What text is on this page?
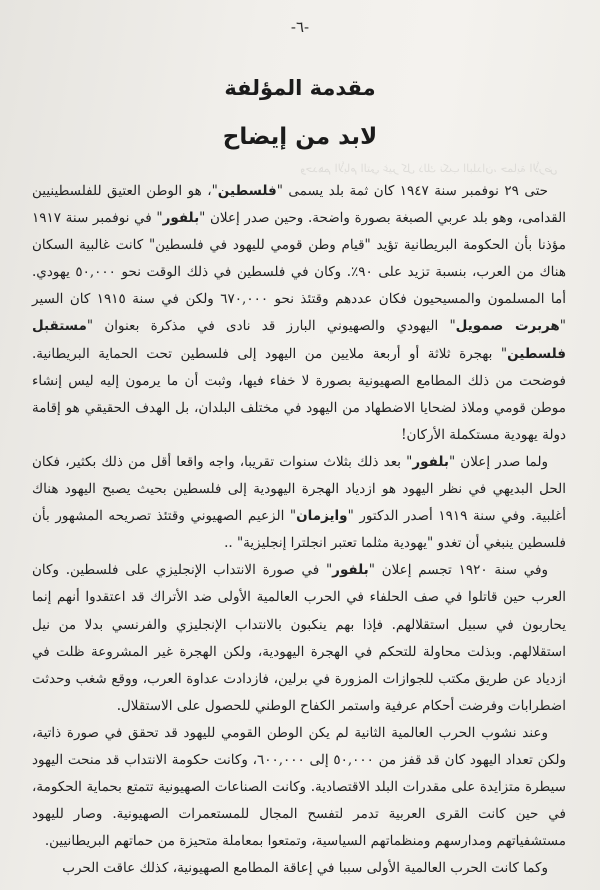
وحدهم الأيام التي غير كل ذلك نكب البلدان، حماية الأرض
-٦-
مقدمة المؤلفة
لابد من إيضاح

حتى ٢٩ نوفمبر سنة ١٩٤٧ كان ثمة بلد يسمى "فلسطين"، هو الوطن العتيق للفلسطينيين القدامى، وهو بلد عربي الصبغة بصورة واضحة. وحين صدر إعلان "بلفور" في نوفمبر سنة ١٩١٧ مؤذنا بأن الحكومة البريطانية تؤيد "قيام وطن قومي لليهود في فلسطين" كانت غالبية السكان هناك من العرب، بنسبة تزيد على ٩٠٪. وكان في فلسطين في ذلك الوقت نحو ٥٠,٠٠٠ يهودي. أما المسلمون والمسيحيون فكان عددهم وقتئذ نحو ٦٧٠,٠٠٠ ولكن في سنة ١٩١٥ كان السير "هربرت صمويل" اليهودي والصهيوني البارز قد نادى في مذكرة بعنوان "مستقبل فلسطين" بهجرة ثلاثة أو أربعة ملايين من اليهود إلى فلسطين تحت الحماية البريطانية. فوضحت من ذلك المطامع الصهيونية بصورة لا خفاء فيها، وثبت أن ما يرمون إليه ليس إنشاء موطن قومي وملاذ لضحايا الاضطهاد من اليهود في مختلف البلدان، بل الهدف الحقيقي هو إقامة دولة يهودية مستكملة الأركان!

ولما صدر إعلان "بلفور" بعد ذلك بثلاث سنوات تقريبا، واجه واقعا أقل من ذلك بكثير، فكان الحل البديهي في نظر اليهود هو ازدياد الهجرة اليهودية إلى فلسطين بحيث يصبح اليهود هناك أغلبية. وفي سنة ١٩١٩ أصدر الدكتور "وايزمان" الزعيم الصهيوني وقتئذ تصريحه المشهور بأن فلسطين ينبغي أن تغدو "يهودية مثلما تعتبر انجلترا إنجليزية" ..

وفي سنة ١٩٢٠ تجسم إعلان "بلفور" في صورة الانتداب الإنجليزي على فلسطين. وكان العرب حين قاتلوا في صف الحلفاء في الحرب العالمية الأولى ضد الأتراك قد اعتقدوا أنهم إنما يحاربون في سبيل استقلالهم. فإذا بهم ينكبون بالانتداب الإنجليزي والفرنسي بدلا من نيل استقلالهم. وبذلت محاولة للتحكم في الهجرة اليهودية، ولكن الهجرة غير المشروعة ظلت في ازدياد عن طريق مكتب للجوازات المزورة في برلين، فازدادت عداوة العرب، ووقع شغب وحدثت اضطرابات وفرضت أحكام عرفية واستمر الكفاح الوطني للحصول على الاستقلال.

وعند نشوب الحرب العالمية الثانية لم يكن الوطن القومي لليهود قد تحقق في صورة ذاتية، ولكن تعداد اليهود كان قد قفز من ٥٠,٠٠٠ إلى ٦٠٠,٠٠٠، وكانت حكومة الانتداب قد منحت اليهود سيطرة متزايدة على مقدرات البلد الاقتصادية. وكانت الصناعات الصهيونية تتمتع بحماية الحكومة، في حين كانت القرى العربية تدمر لتفسح المجال للمستعمرات الصهيونية. وصار لليهود مستشفياتهم ومدارسهم ومنظماتهم السياسية، وتمتعوا بمعاملة متحيزة من حماتهم البريطانيين.

وكما كانت الحرب العالمية الأولى سببا في إعاقة المطامع الصهيونية، كذلك عاقت الحرب
